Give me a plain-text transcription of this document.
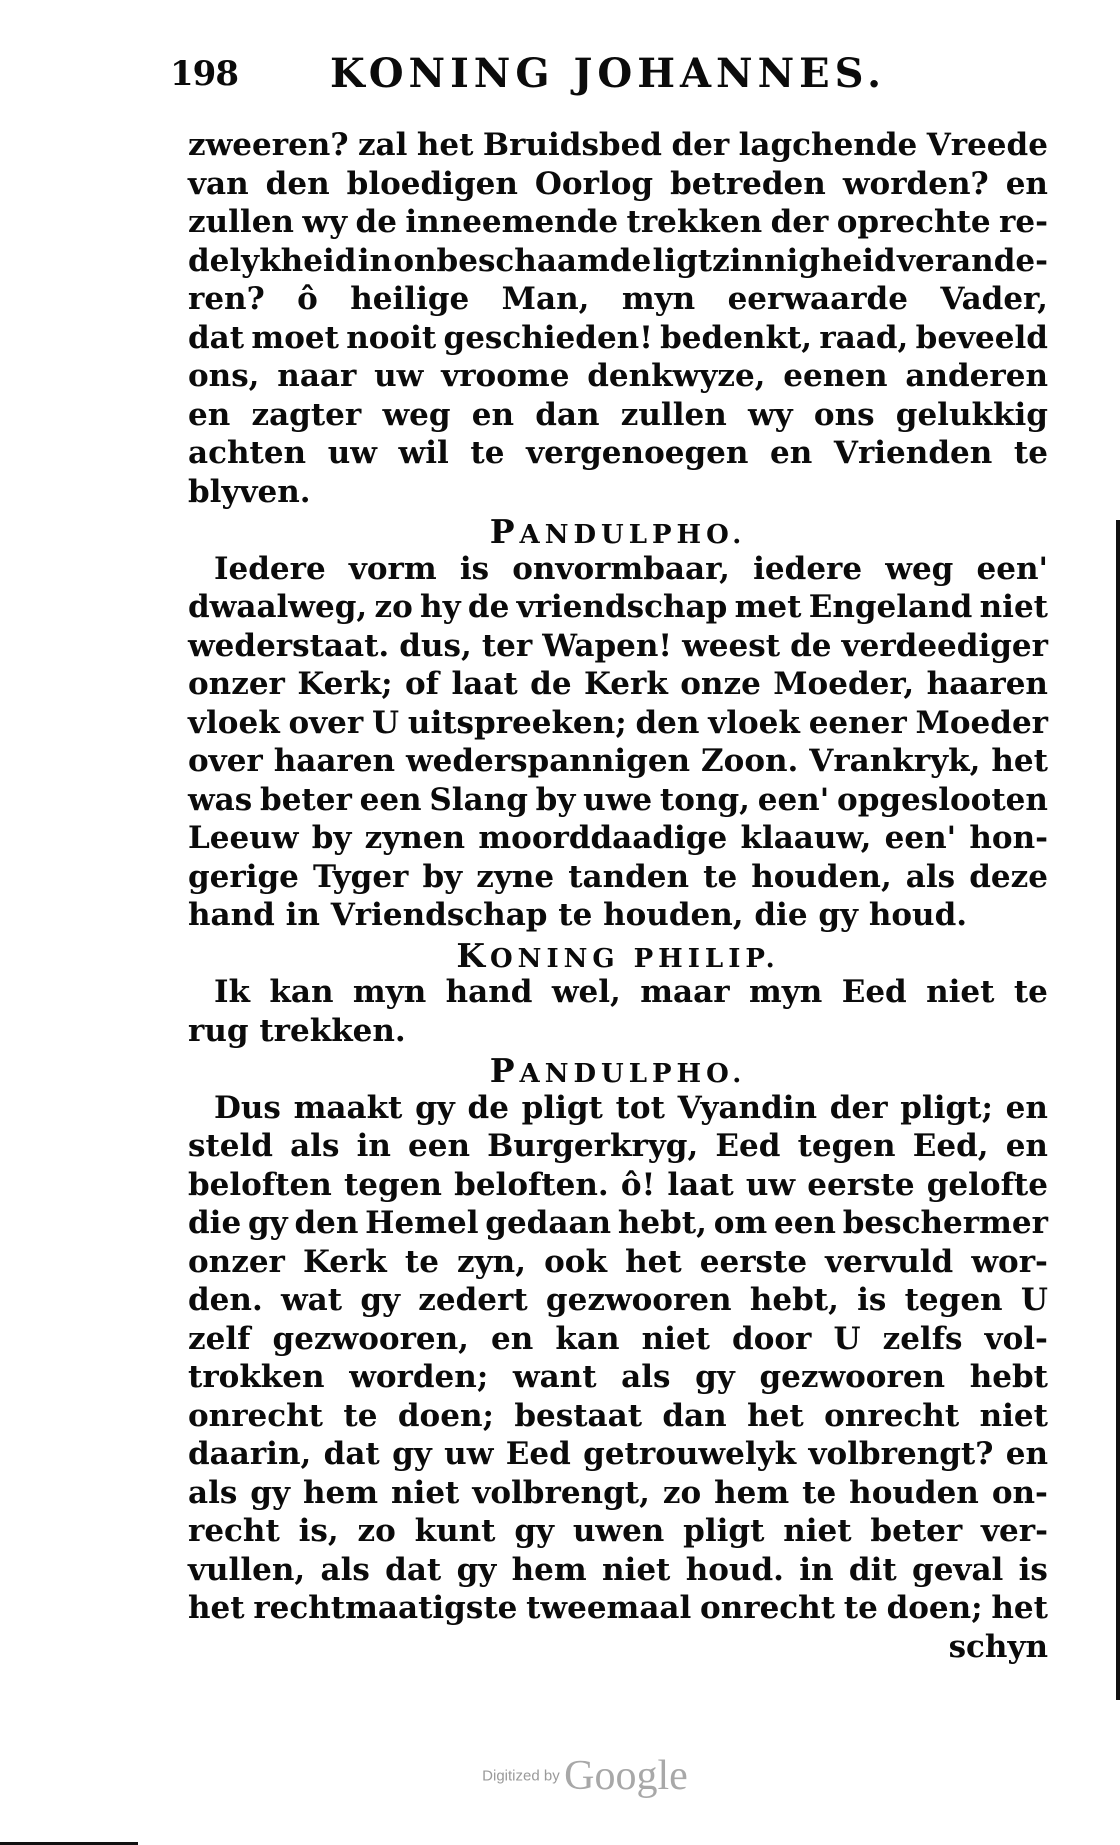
198 KONING JOHANNES.
zweeren? zal het Bruidsbed der lagchende Vreede
van den bloedigen Oorlog betreden worden? en
zullen wy de inneemende trekken der oprechte re-
delykheid in onbeschaamde ligtzinnigheid verande-
ren? ô heilige Man, myn eerwaarde Vader,
dat moet nooit geschieden! bedenkt, raad, beveeld
ons, naar uw vroome denkwyze, eenen anderen
en zagter weg en dan zullen wy ons gelukkig
achten uw wil te vergenoegen en Vrienden te
blyven.
PANDULPHO.
Iedere vorm is onvormbaar, iedere weg een'
dwaalweg, zo hy de vriendschap met Engeland niet
wederstaat. dus, ter Wapen! weest de verdeediger
onzer Kerk; of laat de Kerk onze Moeder, haaren
vloek over U uitspreeken; den vloek eener Moeder
over haaren wederspannigen Zoon. Vrankryk, het
was beter een Slang by uwe tong, een' opgeslooten
Leeuw by zynen moorddaadige klaauw, een' hon-
gerige Tyger by zyne tanden te houden, als deze
hand in Vriendschap te houden, die gy houd.
KONING PHILIP.
Ik kan myn hand wel, maar myn Eed niet te
rug trekken.
PANDULPHO.
Dus maakt gy de pligt tot Vyandin der pligt; en
steld als in een Burgerkryg, Eed tegen Eed, en
beloften tegen beloften. ô! laat uw eerste gelofte
die gy den Hemel gedaan hebt, om een beschermer
onzer Kerk te zyn, ook het eerste vervuld wor-
den. wat gy zedert gezwooren hebt, is tegen U
zelf gezwooren, en kan niet door U zelfs vol-
trokken worden; want als gy gezwooren hebt
onrecht te doen; bestaat dan het onrecht niet
daarin, dat gy uw Eed getrouwelyk volbrengt? en
als gy hem niet volbrengt, zo hem te houden on-
recht is, zo kunt gy uwen pligt niet beter ver-
vullen, als dat gy hem niet houd. in dit geval is
het rechtmaatigste tweemaal onrecht te doen; het
schyn
Digitized by Google
